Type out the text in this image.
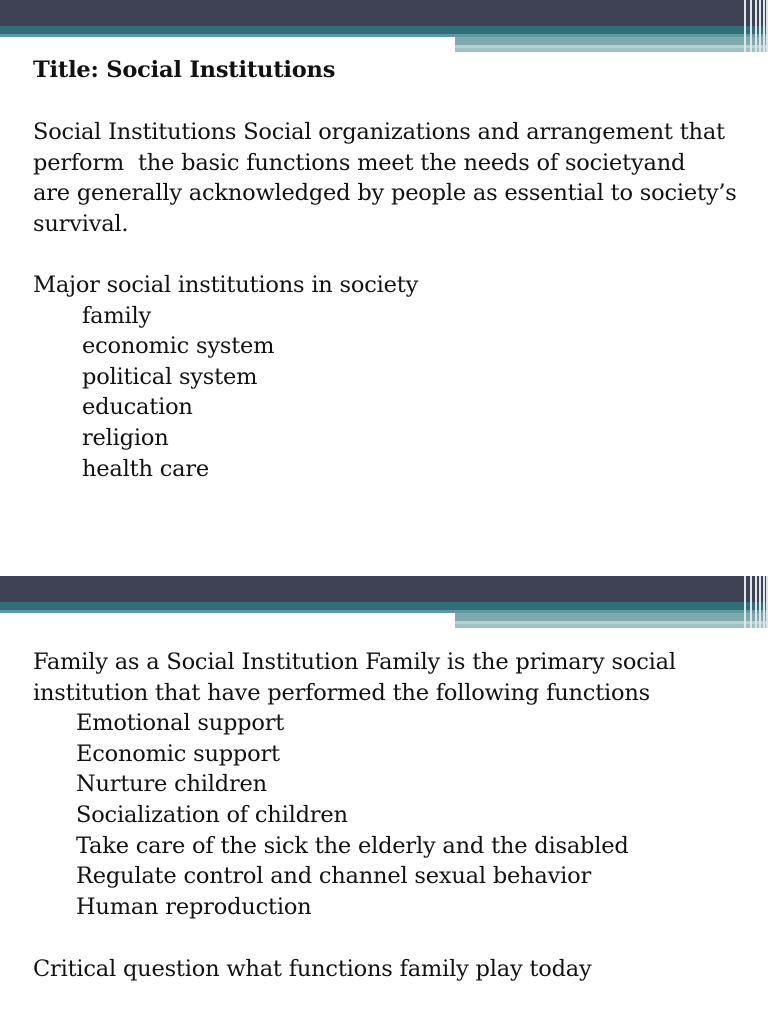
Title: Social Institutions
Social Institutions Social organizations and arrangement that
perform  the basic functions meet the needs of societyand
are generally acknowledged by people as essential to society’s
survival.
Major social institutions in society
family
economic system
political system
education
religion
health care
Family as a Social Institution Family is the primary social
institution that have performed the following functions
Emotional support
Economic support
Nurture children
Socialization of children
Take care of the sick the elderly and the disabled
Regulate control and channel sexual behavior
Human reproduction
Critical question what functions family play today
